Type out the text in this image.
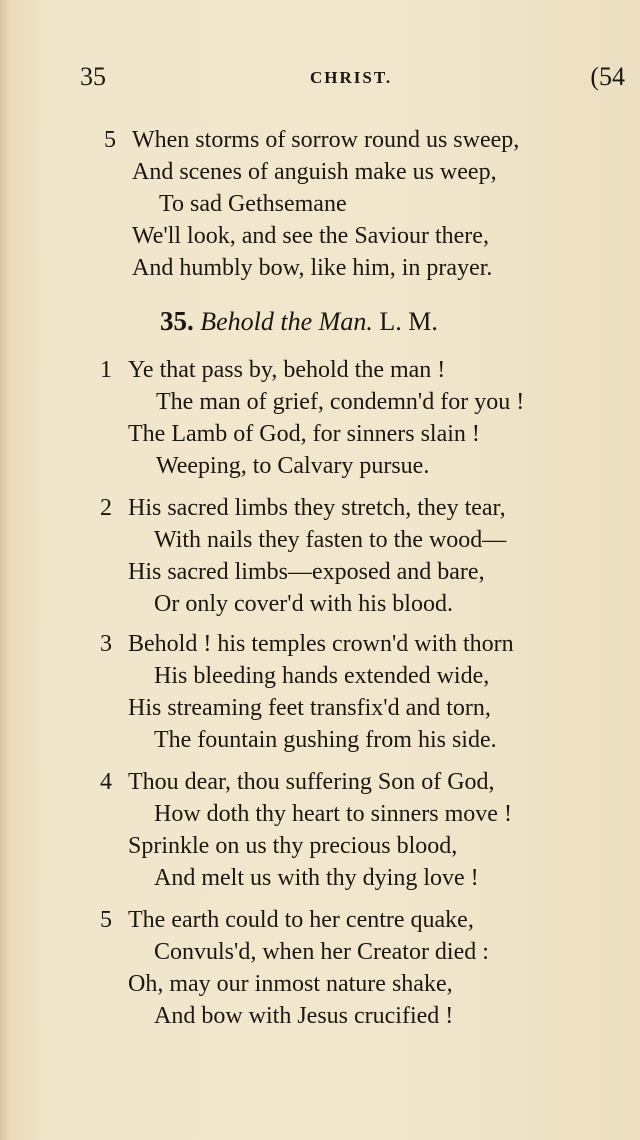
35	CHRIST.	(54
5 When storms of sorrow round us sweep,
And scenes of anguish make us weep,
To sad Gethsemane
We'll look, and see the Saviour there,
And humbly bow, like him, in prayer.
35. Behold the Man. L. M.
1 Ye that pass by, behold the man !
The man of grief, condemn'd for you !
The Lamb of God, for sinners slain !
Weeping, to Calvary pursue.
2 His sacred limbs they stretch, they tear,
With nails they fasten to the wood—
His sacred limbs—exposed and bare,
Or only cover'd with his blood.
3 Behold ! his temples crown'd with thorn
His bleeding hands extended wide,
His streaming feet transfix'd and torn,
The fountain gushing from his side.
4 Thou dear, thou suffering Son of God,
How doth thy heart to sinners move !
Sprinkle on us thy precious blood,
And melt us with thy dying love !
5 The earth could to her centre quake,
Convuls'd, when her Creator died :
Oh, may our inmost nature shake,
And bow with Jesus crucified !
